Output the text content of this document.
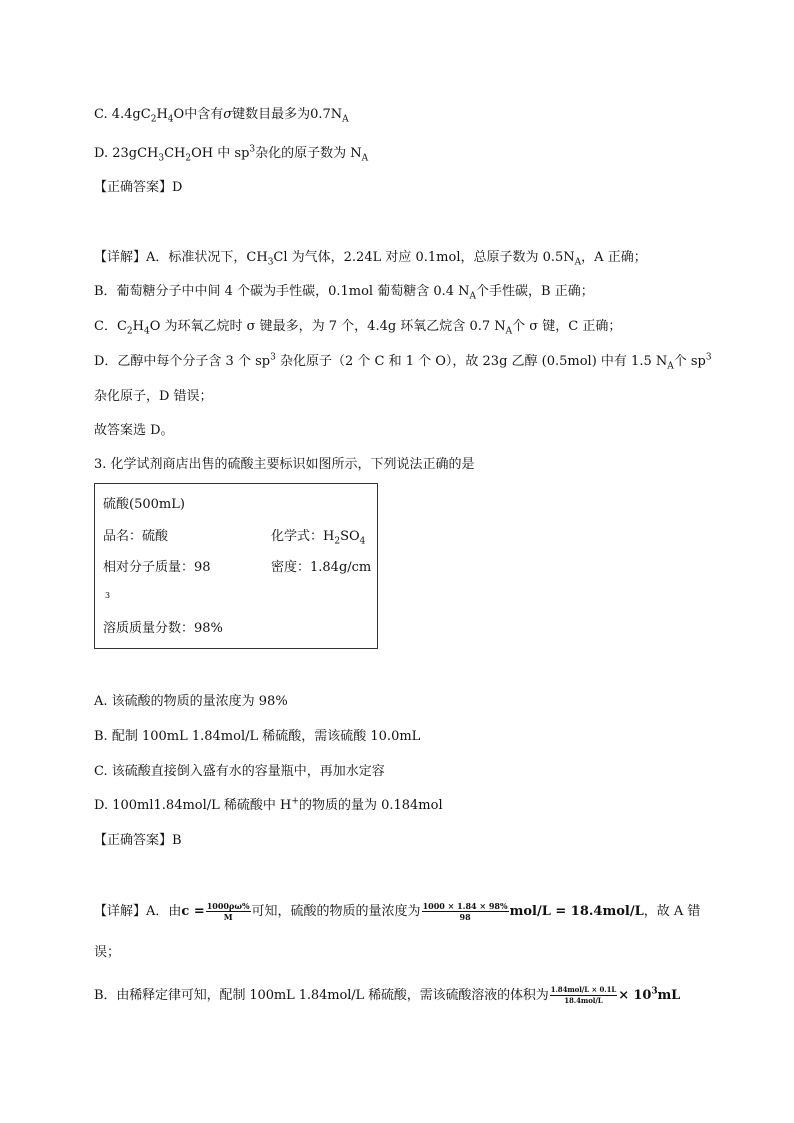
C. $4.4gC_2H_4O$中含有σ键数目最多为$0.7N_A$
D. $23gCH_3CH_2OH$ 中 $sp^3$杂化的原子数为 $N_A$
【正确答案】D
【详解】A．标准状况下，$CH_3Cl$ 为气体，2.24L 对应 0.1mol，总原子数为 $0.5N_A$，A 正确；
B．葡萄糖分子中中间 4 个碳为手性碳，0.1mol 葡萄糖含 0.4 $N_A$个手性碳，B 正确；
C．$C_2H_4O$ 为环氧乙烷时 σ 键最多，为 7 个，4.4g 环氧乙烷含 0.7 $N_A$个 σ 键，C 正确；
D．乙醇中每个分子含 3 个 $sp^3$ 杂化原子（2 个 C 和 1 个 O），故 23g 乙醇 (0.5mol) 中有 1.5 $N_A$个 $sp^3$
杂化原子，D 错误；
故答案选 D。
3. 化学试剂商店出售的硫酸主要标识如图所示，下列说法正确的是
硫酸(500mL)
品名：硫酸	化学式：$H_2SO_4$
相对分子质量：98	密度：1.84g/cm
3
溶质质量分数：98%
A. 该硫酸的物质的量浓度为 98%
B. 配制 100mL 1.84mol/L 稀硫酸，需该硫酸 10.0mL
C. 该硫酸直接倒入盛有水的容量瓶中，再加水定容
D. 100ml1.84mol/L 稀硫酸中 H+的物质的量为 0.184mol
【正确答案】B
【详解】A．由$c = \frac{1000\rho\omega\%}{M}$ 可知，硫酸的物质的量浓度为 $\frac{1000 \times 1.84 \times 98\%}{98} mol/L = 18.4mol/L$，故 A 错
误；
B．由稀释定律可知，配制 100mL 1.84mol/L 稀硫酸，需该硫酸溶液的体积为 $\frac{\text{1.84mol/L × 0.1L}}{\text{18.4mol/L}} \times 10^3mL$
